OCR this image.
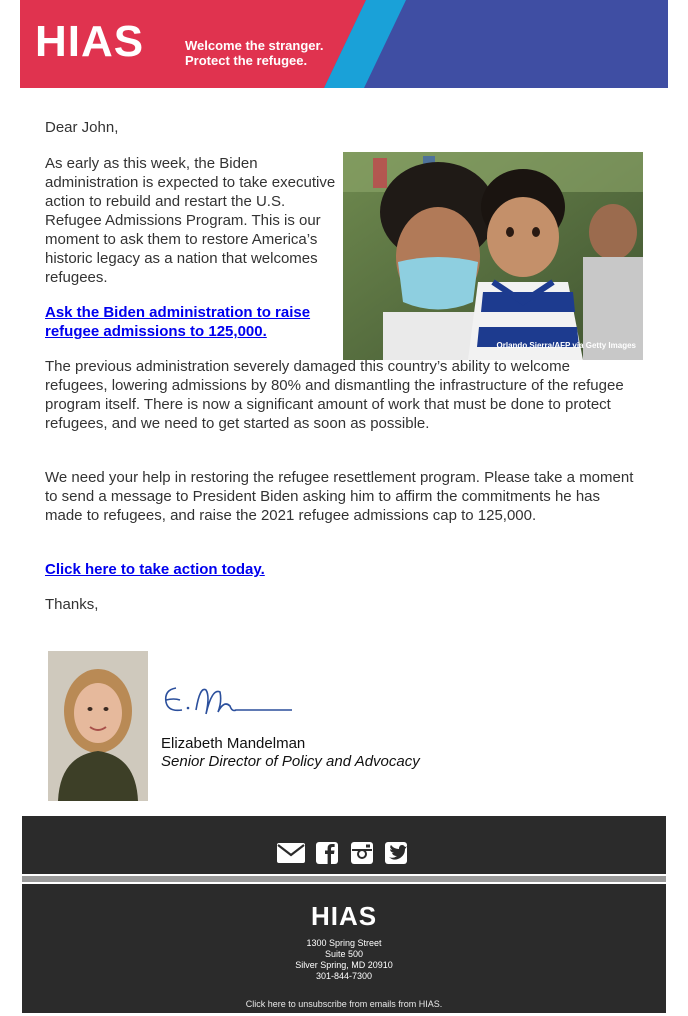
HIAS	Welcome the stranger.
Protect the refugee.

Dear John,

As early as this week, the Biden administration is expected to take executive action to rebuild and restart the U.S. Refugee Admissions Program. This is our moment to ask them to restore America’s historic legacy as a nation that welcomes refugees.

Ask the Biden administration to raise refugee admissions to 125,000.

Orlando Sierra/AFP via Getty Images

The previous administration severely damaged this country’s ability to welcome refugees, lowering admissions by 80% and dismantling the infrastructure of the refugee program itself. There is now a significant amount of work that must be done to protect refugees, and we need to get started as soon as possible.

We need your help in restoring the refugee resettlement program. Please take a moment to send a message to President Biden asking him to affirm the commitments he has made to refugees, and raise the 2021 refugee admissions cap to 125,000.

Click here to take action today.

Thanks,

Elizabeth Mandelman
Senior Director of Policy and Advocacy
HIAS
1300 Spring Street
Suite 500
Silver Spring, MD 20910
301-844-7300
Click here to unsubscribe from emails from HIAS.
